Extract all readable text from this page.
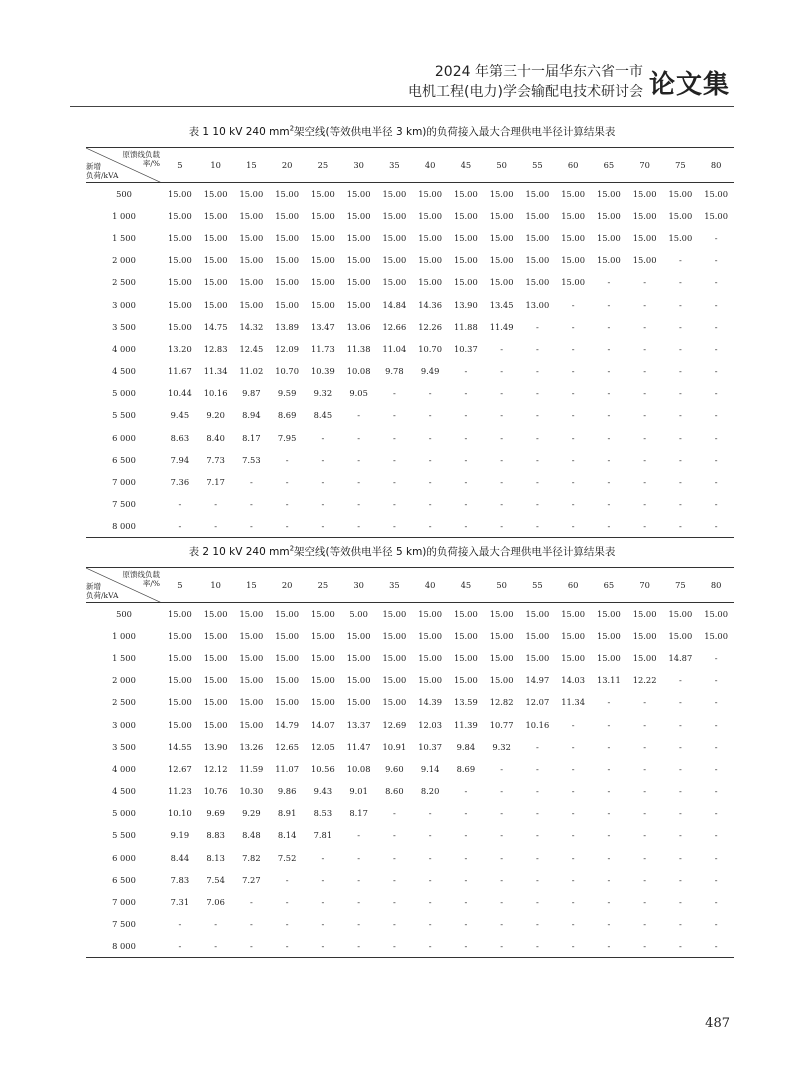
2024 年第三十一届华东六省一市
电机工程(电力)学会输配电技术研讨会 论文集
表 1 10 kV 240 $mm^2$架空线(等效供电半径 3 km)的负荷接入最大合理供电半径计算结果表
原馈线负载
率/%
新增
负荷/kVA	5	10	15	20	25	30	35	40	45	50	55	60	65	70	75	80
500	15.00	15.00	15.00	15.00	15.00	15.00	15.00	15.00	15.00	15.00	15.00	15.00	15.00	15.00	15.00	15.00
1 000	15.00	15.00	15.00	15.00	15.00	15.00	15.00	15.00	15.00	15.00	15.00	15.00	15.00	15.00	15.00	15.00
1 500	15.00	15.00	15.00	15.00	15.00	15.00	15.00	15.00	15.00	15.00	15.00	15.00	15.00	15.00	15.00	-
2 000	15.00	15.00	15.00	15.00	15.00	15.00	15.00	15.00	15.00	15.00	15.00	15.00	15.00	15.00	-	-
2 500	15.00	15.00	15.00	15.00	15.00	15.00	15.00	15.00	15.00	15.00	15.00	15.00	-	-	-	-
3 000	15.00	15.00	15.00	15.00	15.00	15.00	14.84	14.36	13.90	13.45	13.00	-	-	-	-	-
3 500	15.00	14.75	14.32	13.89	13.47	13.06	12.66	12.26	11.88	11.49	-	-	-	-	-	-
4 000	13.20	12.83	12.45	12.09	11.73	11.38	11.04	10.70	10.37	-	-	-	-	-	-	-
4 500	11.67	11.34	11.02	10.70	10.39	10.08	9.78	9.49	-	-	-	-	-	-	-	-
5 000	10.44	10.16	9.87	9.59	9.32	9.05	-	-	-	-	-	-	-	-	-	-
5 500	9.45	9.20	8.94	8.69	8.45	-	-	-	-	-	-	-	-	-	-	-
6 000	8.63	8.40	8.17	7.95	-	-	-	-	-	-	-	-	-	-	-	-
6 500	7.94	7.73	7.53	-	-	-	-	-	-	-	-	-	-	-	-	-
7 000	7.36	7.17	-	-	-	-	-	-	-	-	-	-	-	-	-	-
7 500	-	-	-	-	-	-	-	-	-	-	-	-	-	-	-	-
8 000	-	-	-	-	-	-	-	-	-	-	-	-	-	-	-	-
表 2 10 kV 240 $mm^2$架空线(等效供电半径 5 km)的负荷接入最大合理供电半径计算结果表
原馈线负载
率/%
新增
负荷/kVA	5	10	15	20	25	30	35	40	45	50	55	60	65	70	75	80
500	15.00	15.00	15.00	15.00	15.00	5.00	15.00	15.00	15.00	15.00	15.00	15.00	15.00	15.00	15.00	15.00
1 000	15.00	15.00	15.00	15.00	15.00	15.00	15.00	15.00	15.00	15.00	15.00	15.00	15.00	15.00	15.00	15.00
1 500	15.00	15.00	15.00	15.00	15.00	15.00	15.00	15.00	15.00	15.00	15.00	15.00	15.00	15.00	14.87	-
2 000	15.00	15.00	15.00	15.00	15.00	15.00	15.00	15.00	15.00	15.00	14.97	14.03	13.11	12.22	-	-
2 500	15.00	15.00	15.00	15.00	15.00	15.00	15.00	14.39	13.59	12.82	12.07	11.34	-	-	-	-
3 000	15.00	15.00	15.00	14.79	14.07	13.37	12.69	12.03	11.39	10.77	10.16	-	-	-	-	-
3 500	14.55	13.90	13.26	12.65	12.05	11.47	10.91	10.37	9.84	9.32	-	-	-	-	-	-
4 000	12.67	12.12	11.59	11.07	10.56	10.08	9.60	9.14	8.69	-	-	-	-	-	-	-
4 500	11.23	10.76	10.30	9.86	9.43	9.01	8.60	8.20	-	-	-	-	-	-	-	-
5 000	10.10	9.69	9.29	8.91	8.53	8.17	-	-	-	-	-	-	-	-	-	-
5 500	9.19	8.83	8.48	8.14	7.81	-	-	-	-	-	-	-	-	-	-	-
6 000	8.44	8.13	7.82	7.52	-	-	-	-	-	-	-	-	-	-	-	-
6 500	7.83	7.54	7.27	-	-	-	-	-	-	-	-	-	-	-	-	-
7 000	7.31	7.06	-	-	-	-	-	-	-	-	-	-	-	-	-	-
7 500	-	-	-	-	-	-	-	-	-	-	-	-	-	-	-	-
8 000	-	-	-	-	-	-	-	-	-	-	-	-	-	-	-	-
487
